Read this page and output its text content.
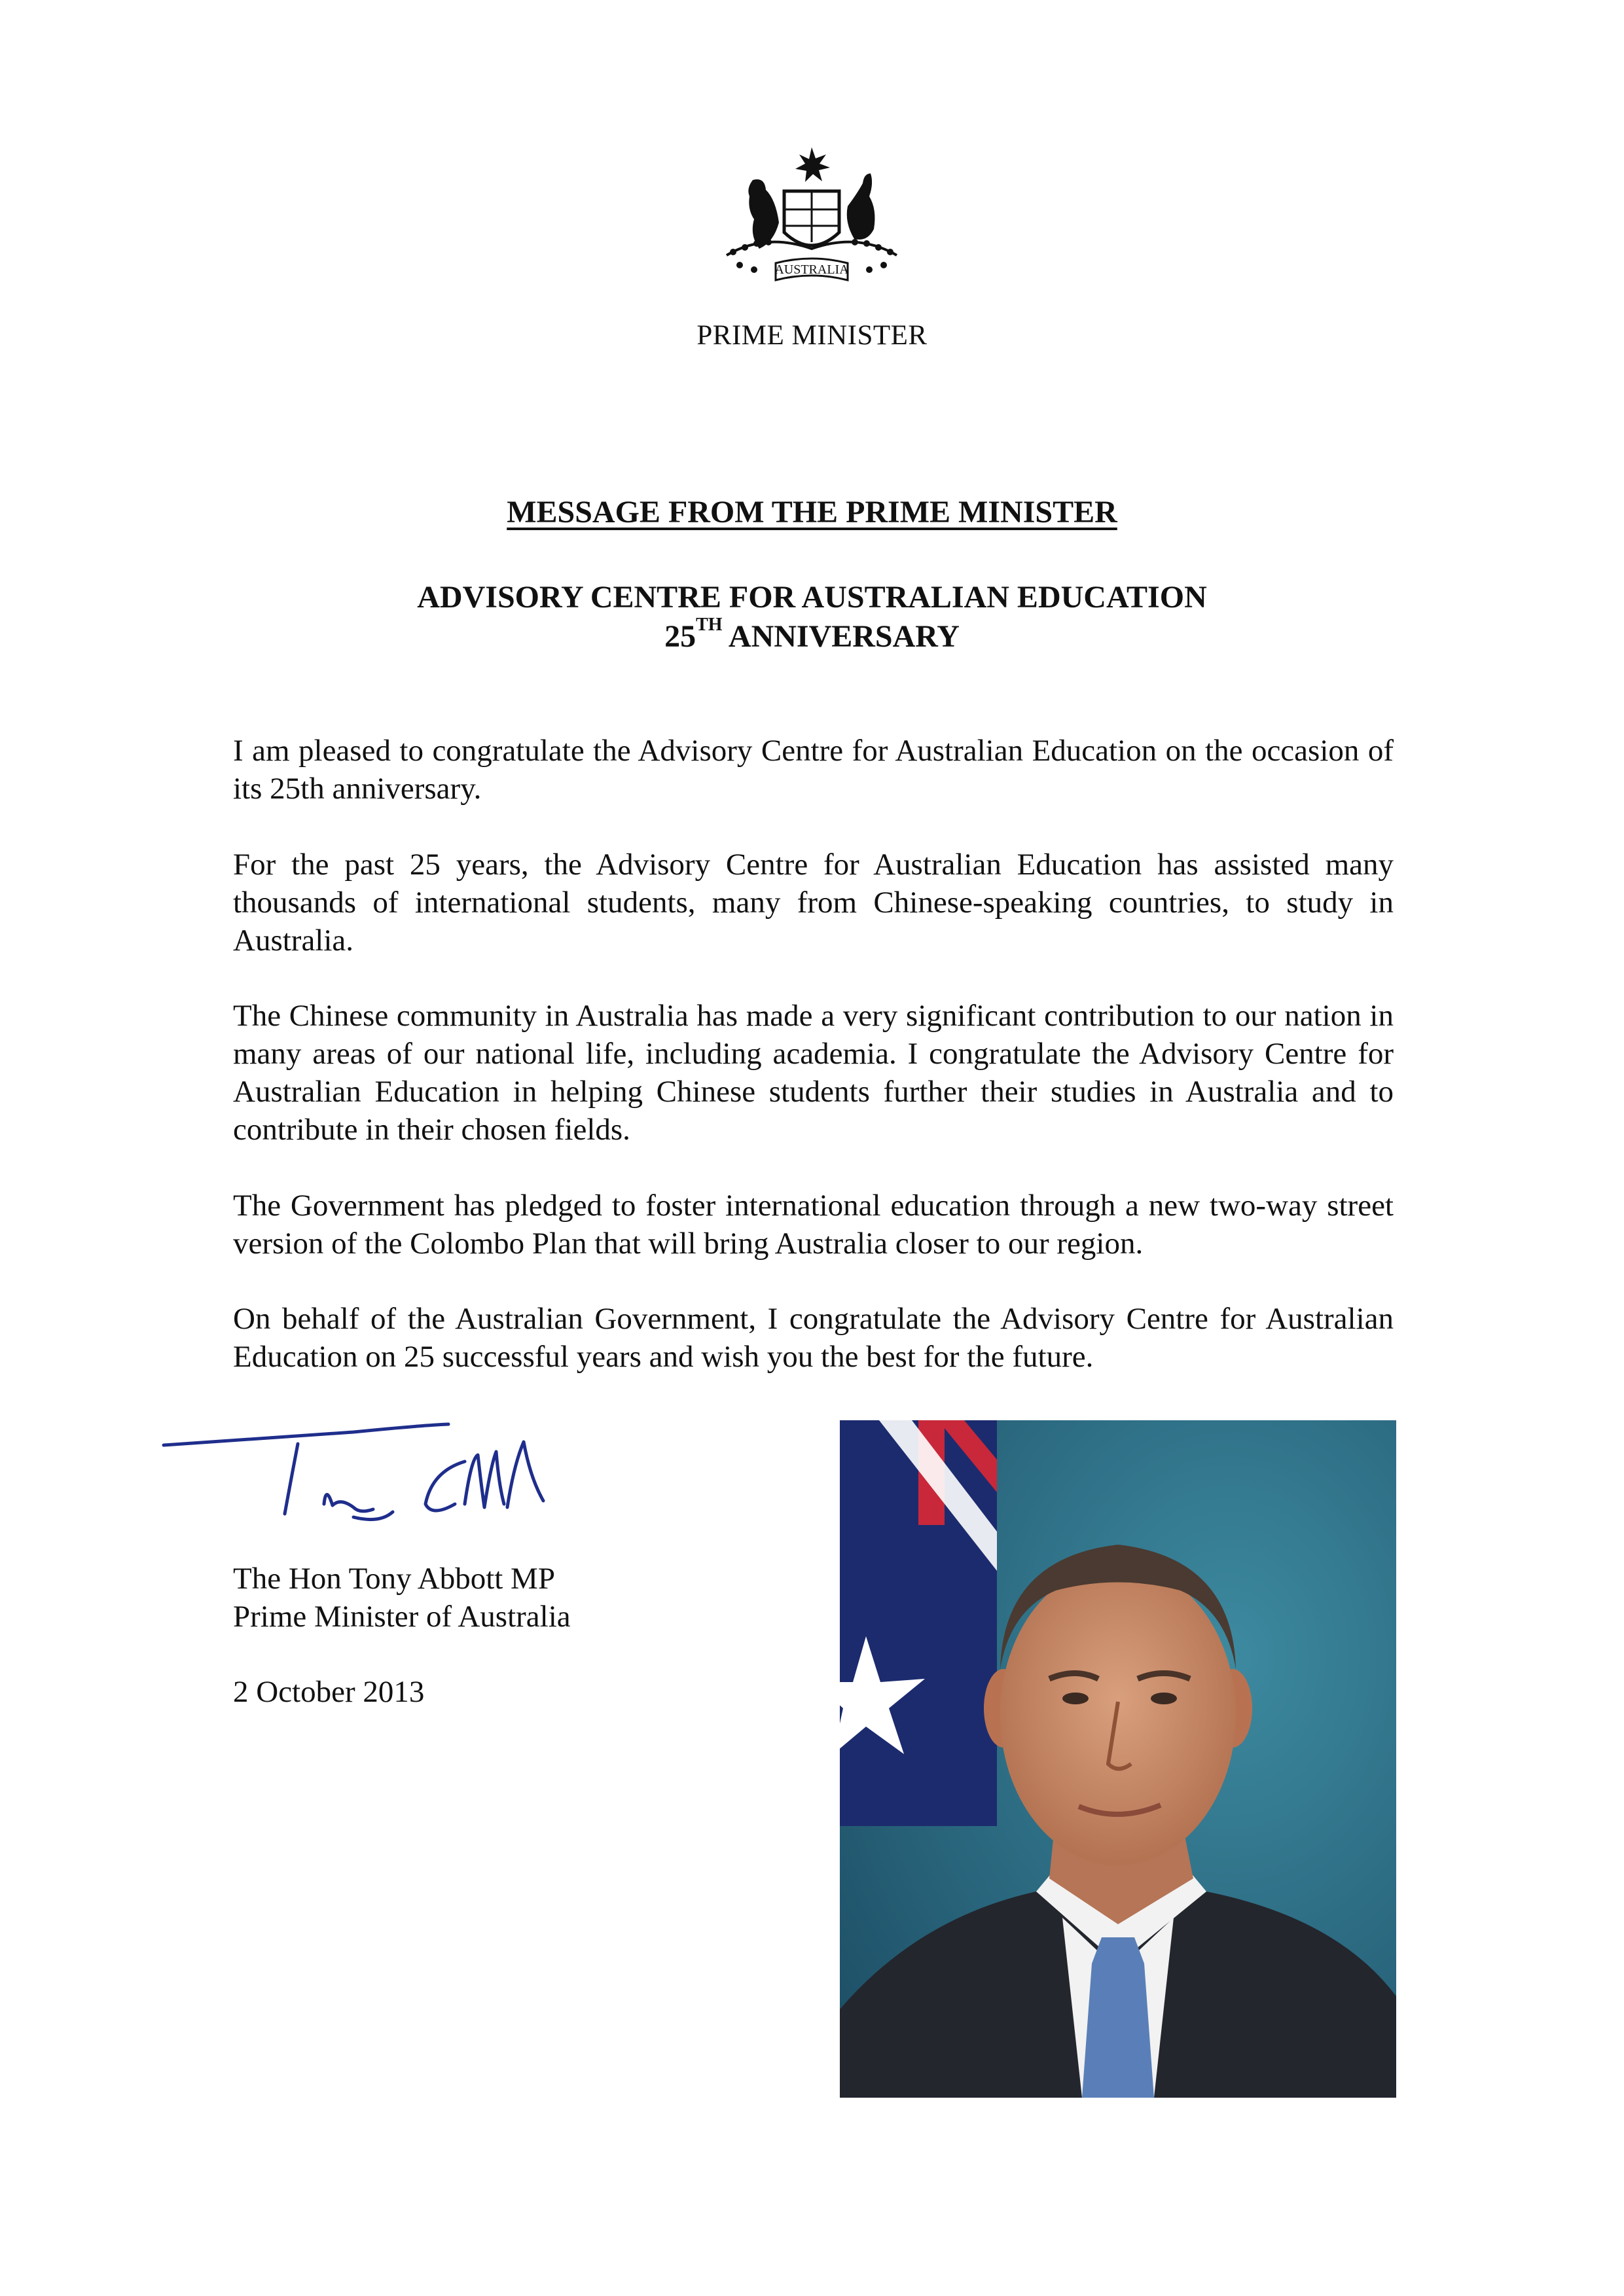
AUSTRALIA
PRIME MINISTER
MESSAGE FROM THE PRIME MINISTER
ADVISORY CENTRE FOR AUSTRALIAN EDUCATION
25TH ANNIVERSARY

I am pleased to congratulate the Advisory Centre for Australian Education on the occasion of its 25th anniversary.

For the past 25 years, the Advisory Centre for Australian Education has assisted many thousands of international students, many from Chinese-speaking countries, to study in Australia.

The Chinese community in Australia has made a very significant contribution to our nation in many areas of our national life, including academia. I congratulate the Advisory Centre for Australian Education in helping Chinese students further their studies in Australia and to contribute in their chosen fields.

The Government has pledged to foster international education through a new two-way street version of the Colombo Plan that will bring Australia closer to our region.

On behalf of the Australian Government, I congratulate the Advisory Centre for Australian Education on 25 successful years and wish you the best for the future.

The Hon Tony Abbott MP
Prime Minister of Australia
2 October 2013
